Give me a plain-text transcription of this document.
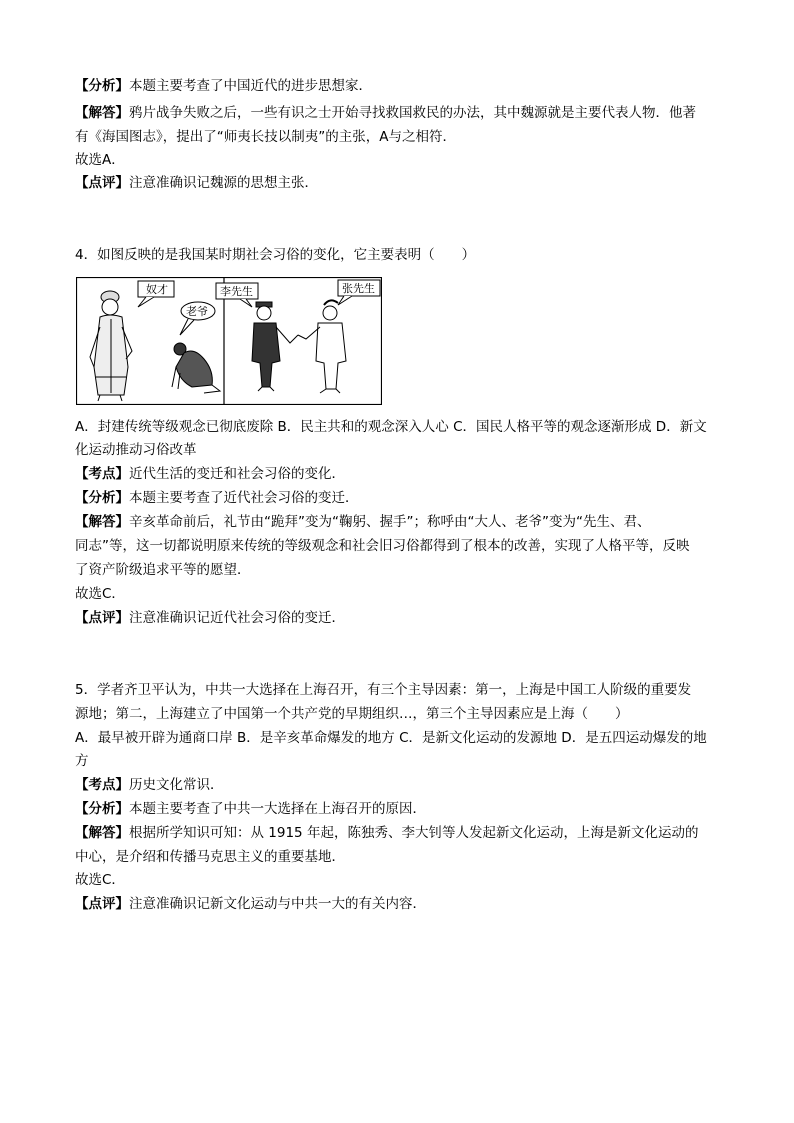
【分析】本题主要考查了中国近代的进步思想家．
【解答】鸦片战争失败之后，一些有识之士开始寻找救国救民的办法，其中魏源就是主要代表人物．他著
有《海国图志》，提出了“师夷长技以制夷”的主张，A与之相符．
故选A．
【点评】注意准确识记魏源的思想主张．
4．如图反映的是我国某时期社会习俗的变化，它主要表明（　　）
奴才
老爷
李先生	张先生
A．封建传统等级观念已彻底废除 B．民主共和的观念深入人心 C．国民人格平等的观念逐渐形成 D．新文
化运动推动习俗改革
【考点】近代生活的变迁和社会习俗的变化．
【分析】本题主要考查了近代社会习俗的变迁．
【解答】辛亥革命前后，礼节由“跪拜”变为“鞠躬、握手”；称呼由“大人、老爷”变为“先生、君、
同志”等，这一切都说明原来传统的等级观念和社会旧习俗都得到了根本的改善，实现了人格平等，反映
了资产阶级追求平等的愿望．
故选C．
【点评】注意准确识记近代社会习俗的变迁．
5．学者齐卫平认为，中共一大选择在上海召开，有三个主导因素：第一，上海是中国工人阶级的重要发
源地；第二，上海建立了中国第一个共产党的早期组织…，第三个主导因素应是上海（　　）
A．最早被开辟为通商口岸 B．是辛亥革命爆发的地方 C．是新文化运动的发源地 D．是五四运动爆发的地
方
【考点】历史文化常识．
【分析】本题主要考查了中共一大选择在上海召开的原因．
【解答】根据所学知识可知：从 1915 年起，陈独秀、李大钊等人发起新文化运动，上海是新文化运动的
中心，是介绍和传播马克思主义的重要基地．
故选C．
【点评】注意准确识记新文化运动与中共一大的有关内容．
